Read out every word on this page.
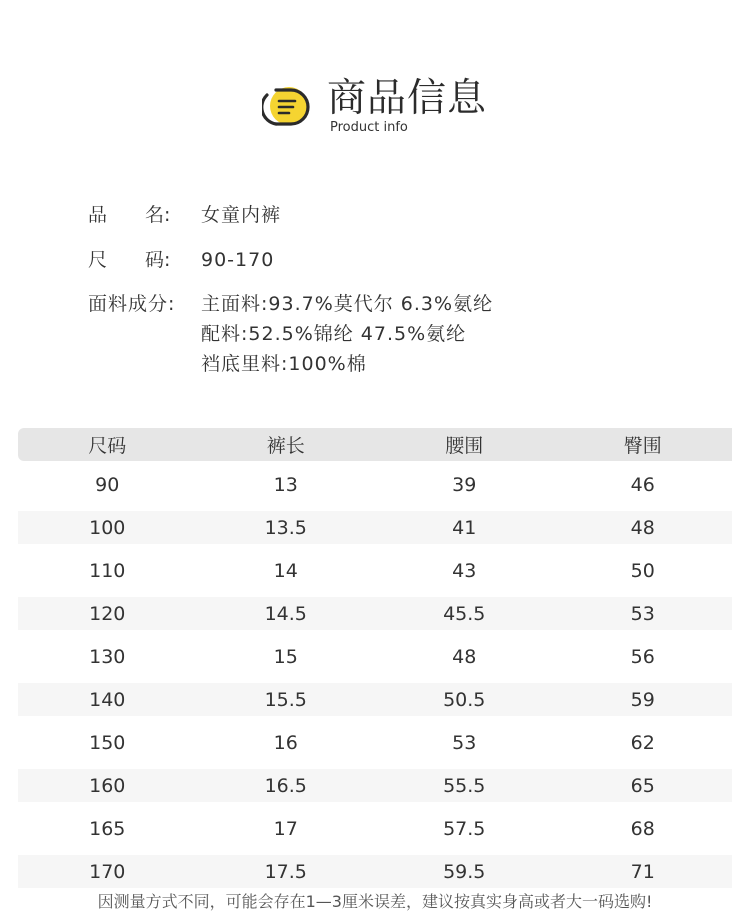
商品信息
Product info
品 名: 女童内裤
尺 码: 90-170
面料成分: 主面料:93.7%莫代尔 6.3%氨纶
配料:52.5%锦纶 47.5%氨纶
裆底里料:100%棉
尺码	裤长	腰围	臀围
90	13	39	46
100	13.5	41	48
110	14	43	50
120	14.5	45.5	53
130	15	48	56
140	15.5	50.5	59
150	16	53	62
160	16.5	55.5	65
165	17	57.5	68
170	17.5	59.5	71
因测量方式不同，可能会存在1—3厘米误差，建议按真实身高或者大一码选购!
